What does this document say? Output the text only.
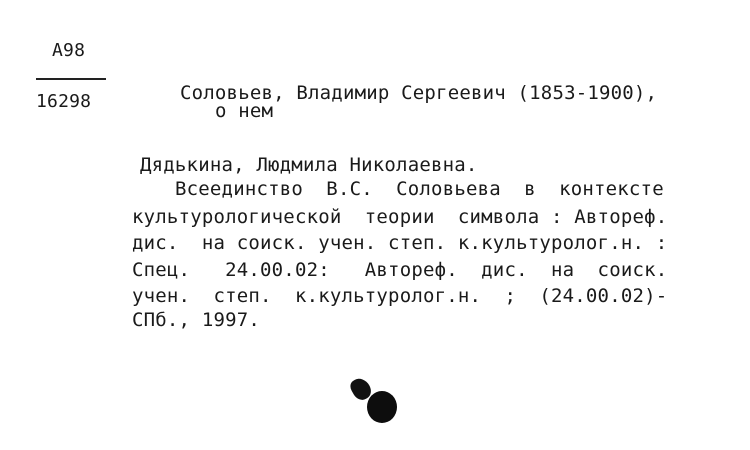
А98
16298	Соловьев, Владимир Сергеевич (1853-1900),
о нем
Дядькина, Людмила Николаевна.
Всеединство  В.С.  Соловьева  в  контексте
культурологической  теории  символа : Автореф.
дис.  на соиск. учен. степ. к.культуролог.н. :
Спец.   24.00.02:   Автореф.  дис.  на  соиск.
учен.  степ.  к.культуролог.н.  ;  (24.00.02)-
СПб., 1997.
